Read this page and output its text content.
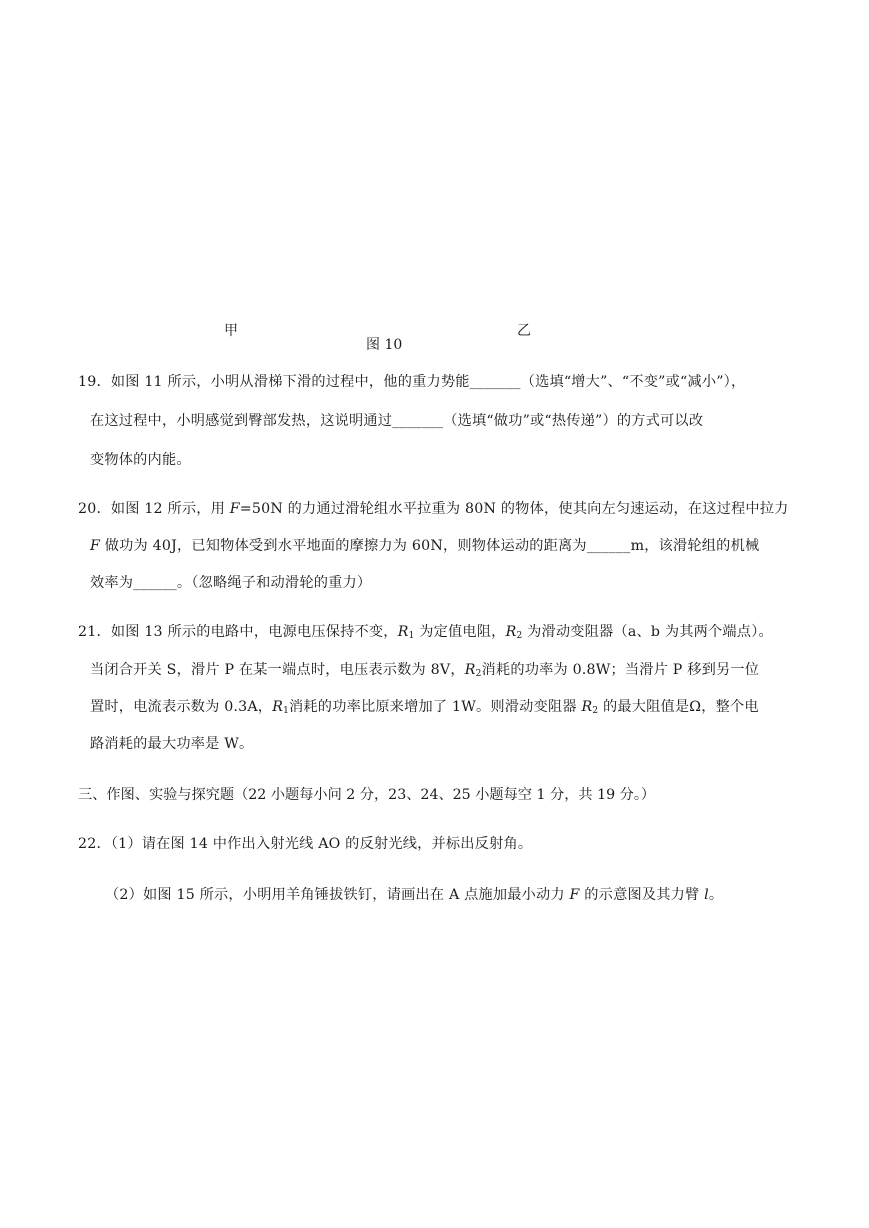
甲	乙
图 10
19．如图 11 所示，小明从滑梯下滑的过程中，他的重力势能_______（选填“增大”、“不变”或“减小”），
在这过程中，小明感觉到臀部发热，这说明通过_______（选填“做功”或“热传递”）的方式可以改
变物体的内能。
20．如图 12 所示，用 F=50N 的力通过滑轮组水平拉重为 80N 的物体，使其向左匀速运动，在这过程中拉力
F 做功为 40J，已知物体受到水平地面的摩擦力为 60N，则物体运动的距离为______m，该滑轮组的机械
效率为______。（忽略绳子和动滑轮的重力）
21．如图 13 所示的电路中，电源电压保持不变，$R_1$ 为定值电阻，$R_2$ 为滑动变阻器（a、b 为其两个端点）。
当闭合开关 S，滑片 P 在某一端点时，电压表示数为 8V，$R_2$消耗的功率为 0.8W；当滑片 P 移到另一位
置时，电流表示数为 0.3A，$R_1$消耗的功率比原来增加了 1W。则滑动变阻器 $R_2$ 的最大阻值是Ω，整个电
路消耗的最大功率是 W。
三、作图、实验与探究题（22 小题每小问 2 分，23、24、25 小题每空 1 分，共 19 分。）
22．（1）请在图 14 中作出入射光线 AO 的反射光线，并标出反射角。
（2）如图 15 所示，小明用羊角锤拔铁钉，请画出在 A 点施加最小动力 F 的示意图及其力臂 l。
